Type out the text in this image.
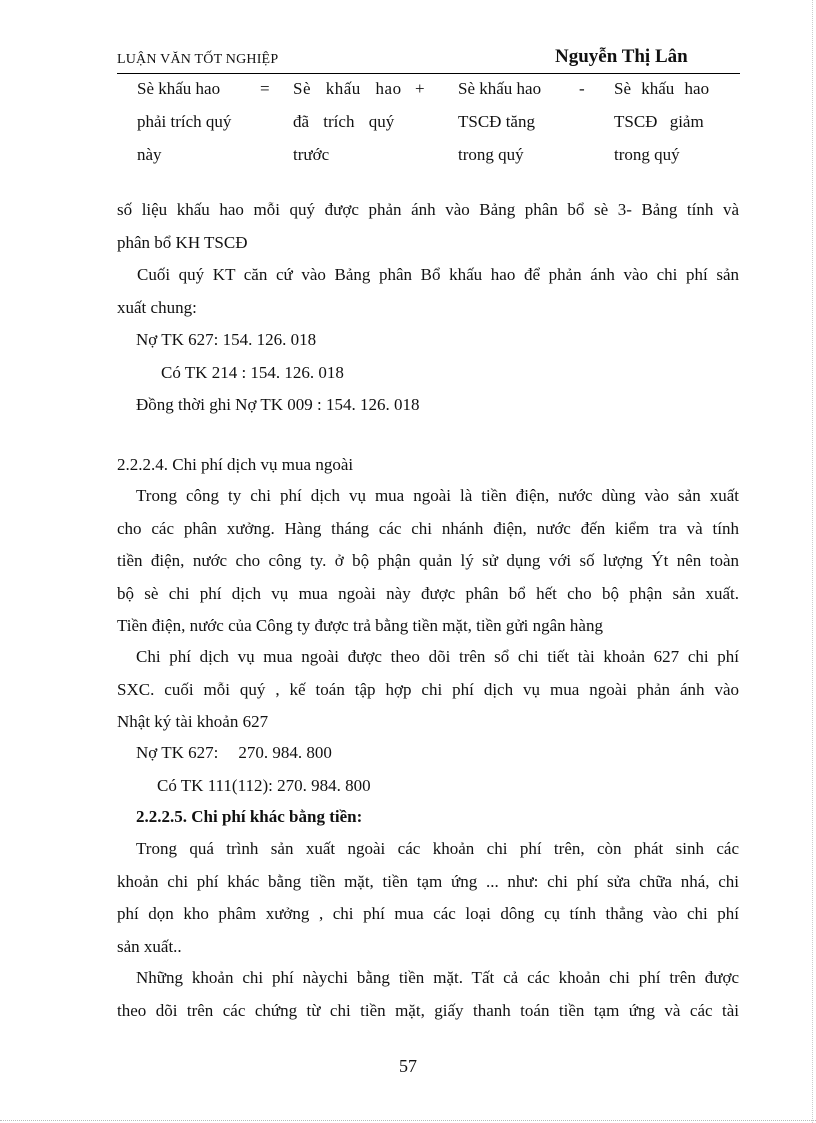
LUẬN VĂN TỐT NGHIỆP	Nguyễn Thị Lân
Sè khấu hao
phải trích quý
này
= Sè khấu hao
đã trích quý
trước
+ Sè khấu hao
TSCĐ tăng
trong quý
- Sè khấu hao
TSCĐ giảm
trong quý
số liệu khấu hao mỗi quý được phản ánh vào Bảng phân bổ sè 3- Bảng tính và
phân bổ KH TSCĐ
Cuối quý KT căn cứ vào Bảng phân Bổ khấu hao để phản ánh vào chi phí sản
xuất chung:
Nợ TK 627: 154. 126. 018
Có TK 214 : 154. 126. 018
Đồng thời ghi Nợ TK 009 : 154. 126. 018
2.2.2.4. Chi phí dịch vụ mua ngoài
Trong công ty chi phí dịch vụ mua ngoài là tiền điện, nước dùng vào sản xuất
cho các phân xưởng. Hàng tháng các chi nhánh điện, nước đến kiểm tra và tính
tiền điện, nước cho công ty. ở bộ phận quản lý sử dụng với số lượng Ýt nên toàn
bộ sè chi phí dịch vụ mua ngoài này được phân bổ hết cho bộ phận sản xuất.
Tiền điện, nước của Công ty được trả bằng tiền mặt, tiền gửi ngân hàng
Chi phí dịch vụ mua ngoài được theo dõi trên sổ chi tiết tài khoản 627 chi phí
SXC. cuối mỗi quý , kế toán tập hợp chi phí dịch vụ mua ngoài phản ánh vào
Nhật ký tài khoản 627
Nợ TK 627: 270. 984. 800
Có TK 111(112): 270. 984. 800
2.2.2.5. Chi phí khác bằng tiền:
Trong quá trình sản xuất ngoài các khoản chi phí trên, còn phát sinh các
khoản chi phí khác bằng tiền mặt, tiền tạm ứng ... như: chi phí sửa chữa nhá, chi
phí dọn kho phâm xưởng , chi phí mua các loại dông cụ tính thẳng vào chi phí
sản xuất..
Những khoản chi phí nàychi bằng tiền mặt. Tất cả các khoản chi phí trên được
theo dõi trên các chứng từ chi tiền mặt, giấy thanh toán tiền tạm ứng và các tài
57
